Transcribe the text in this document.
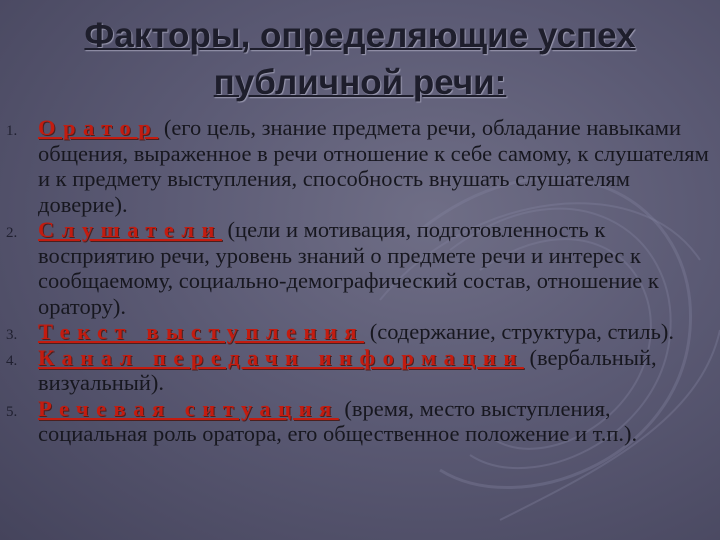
Факторы, определяющие успех
публичной речи:
1. Оратор (его цель, знание предмета речи, обладание навыками общения, выраженное в речи отношение к себе самому, к слушателям и к предмету выступления, способность внушать слушателям доверие).
2. Слушатели (цели и мотивация, подготовленность к восприятию речи, уровень знаний о предмете речи и интерес к сообщаемому, социально-демографический состав, отношение к оратору).
3. Текст выступления (содержание, структура, стиль).
4. Канал передачи информации (вербальный, визуальный).
5. Речевая ситуация (время, место выступления, социальная роль оратора, его общественное положение и т.п.).
